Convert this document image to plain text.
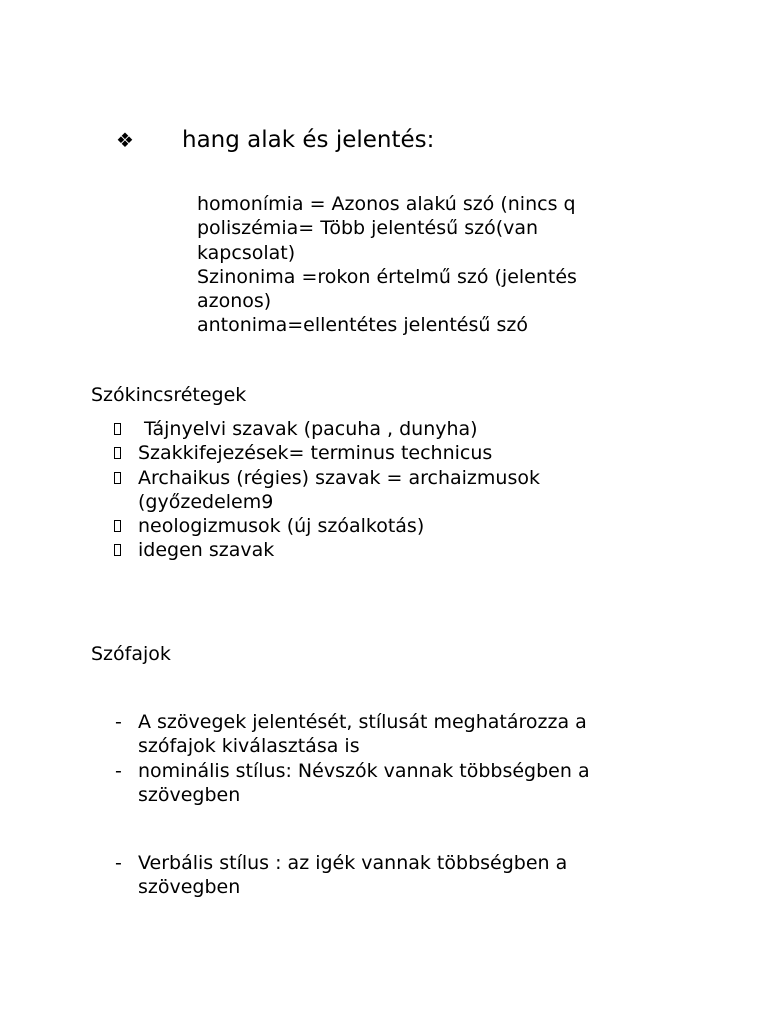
❖ hang alak és jelentés:
homonímia = Azonos alakú szó (nincs q
poliszémia= Több jelentésű szó(van kapcsolat)
Szinonima =rokon értelmű szó (jelentés azonos)
antonima=ellentétes jelentésű szó
Szókincsrétegek
Tájnyelvi szavak (pacuha , dunyha)
Szakkifejezések= terminus technicus
Archaikus (régies) szavak = archaizmusok (győzedelem9
neologizmusok (új szóalkotás)
idegen szavak
Szófajok
- A szövegek jelentését, stílusát meghatározza a szófajok kiválasztása is
- nominális stílus: Névszók vannak többségben a szövegben
- Verbális stílus : az igék vannak többségben a szövegben
